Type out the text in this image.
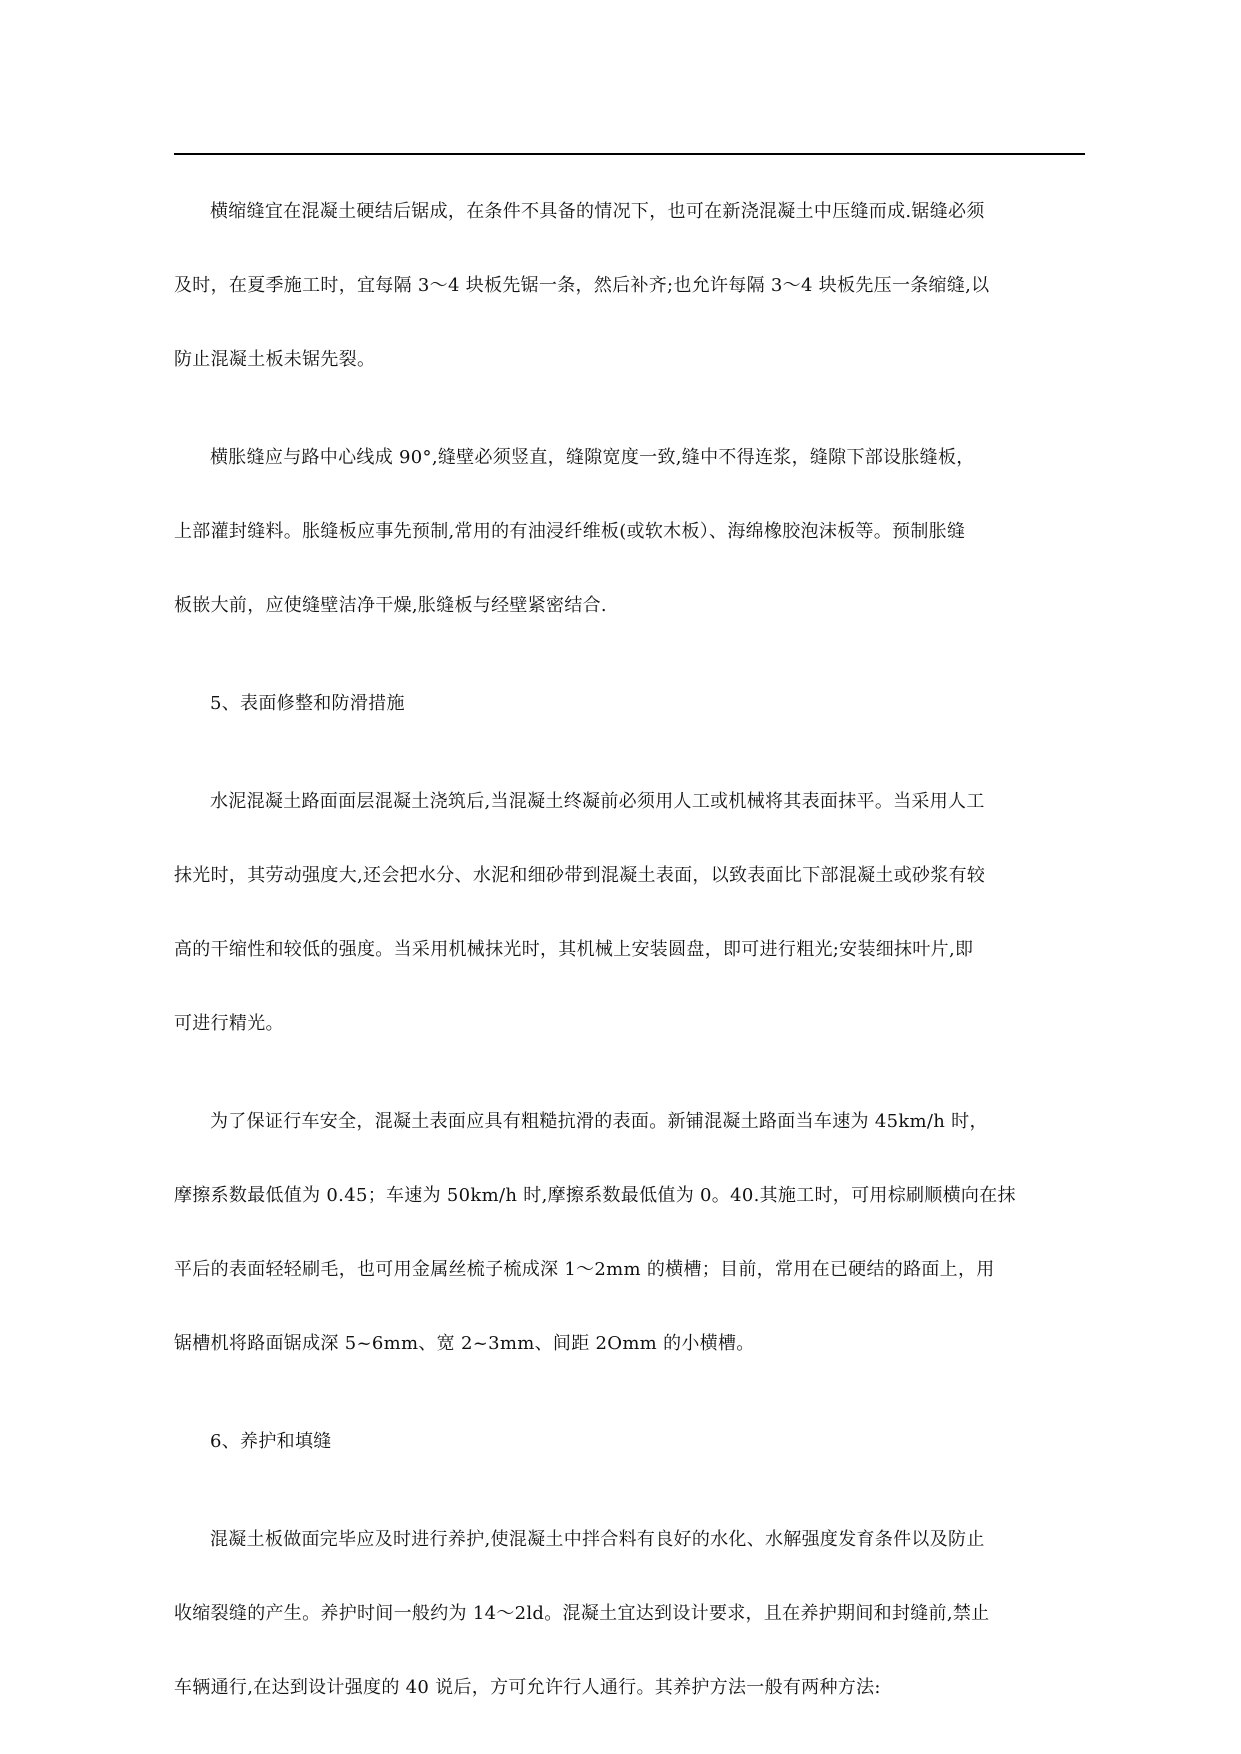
横缩缝宜在混凝土硬结后锯成，在条件不具备的情况下，也可在新浇混凝土中压缝而成.锯缝必须
及时，在夏季施工时，宜每隔 3～4 块板先锯一条，然后补齐;也允许每隔 3～4 块板先压一条缩缝,以
防止混凝土板未锯先裂。

横胀缝应与路中心线成 90°,缝壁必须竖直，缝隙宽度一致,缝中不得连浆，缝隙下部设胀缝板，
上部灌封缝料。胀缝板应事先预制,常用的有油浸纤维板(或软木板）、海绵橡胶泡沫板等。预制胀缝
板嵌大前，应使缝壁洁净干燥,胀缝板与经壁紧密结合.

5、表面修整和防滑措施

水泥混凝土路面面层混凝土浇筑后,当混凝土终凝前必须用人工或机械将其表面抹平。当采用人工
抹光时，其劳动强度大,还会把水分、水泥和细砂带到混凝土表面，以致表面比下部混凝土或砂浆有较
高的干缩性和较低的强度。当采用机械抹光时，其机械上安装圆盘，即可进行粗光;安装细抹叶片,即
可进行精光。

为了保证行车安全，混凝土表面应具有粗糙抗滑的表面。新铺混凝土路面当车速为 45km/h 时，
摩擦系数最低值为 0.45；车速为 50km/h 时,摩擦系数最低值为 0。40.其施工时，可用棕刷顺横向在抹
平后的表面轻轻刷毛，也可用金属丝梳子梳成深 1～2mm 的横槽；目前，常用在已硬结的路面上，用
锯槽机将路面锯成深 5~6mm、宽 2~3mm、间距 2Omm 的小横槽。

6、养护和填缝

混凝土板做面完毕应及时进行养护,使混凝土中拌合料有良好的水化、水解强度发育条件以及防止
收缩裂缝的产生。养护时间一般约为 14～2ld。混凝土宜达到设计要求，且在养护期间和封缝前,禁止
车辆通行,在达到设计强度的 40 说后，方可允许行人通行。其养护方法一般有两种方法:
